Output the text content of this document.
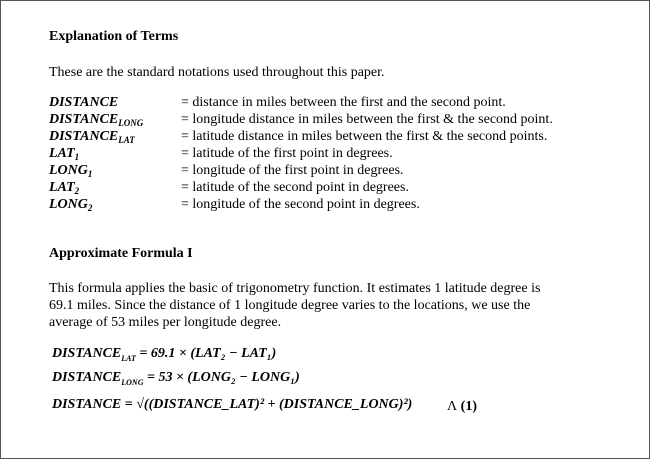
Explanation of Terms
These are the standard notations used throughout this paper.
DISTANCE	= distance in miles between the first and the second point.
$DISTANCE_{LONG}$	= longitude distance in miles between the first & the second point.
$DISTANCE_{LAT}$	= latitude distance in miles between the first & the second points.
$LAT_1$	= latitude of the first point in degrees.
$LONG_1$	= longitude of the first point in degrees.
$LAT_2$	= latitude of the second point in degrees.
$LONG_2$	= longitude of the second point in degrees.
Approximate Formula I
This formula applies the basic of trigonometry function. It estimates 1 latitude degree is
69.1 miles. Since the distance of 1 longitude degree varies to the locations, we use the
average of 53 miles per longitude degree.
$DISTANCE_{LAT} = 69.1 \times (LAT_2 - LAT_1)$
$DISTANCE_{LONG} = 53$ × (LONG₂ − LONG₁)
DISTANCE = √((DISTANCE_LAT)² + (DISTANCE_LONG)²) Λ (1)
